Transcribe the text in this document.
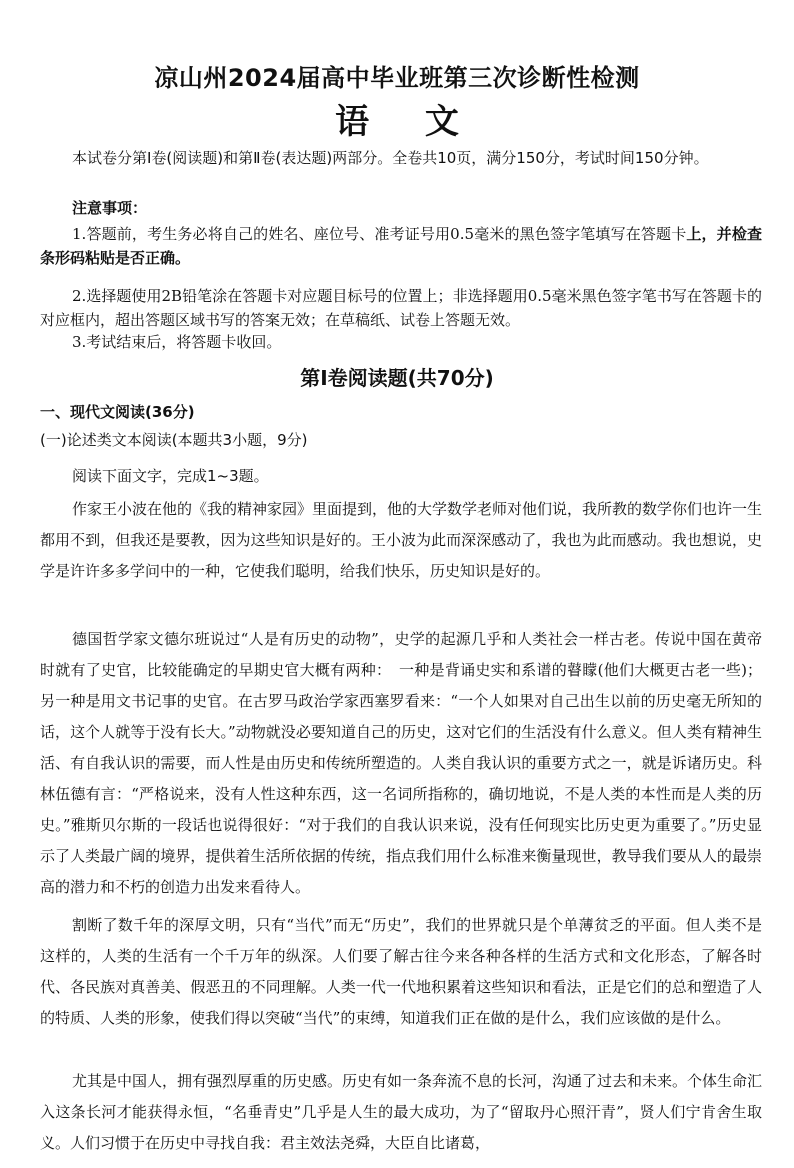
凉山州2024届高中毕业班第三次诊断性检测
语 文
本试卷分第Ⅰ卷(阅读题)和第Ⅱ卷(表达题)两部分。全卷共10页，满分150分，考试时间150分钟。
注意事项：
1.答题前，考生务必将自己的姓名、座位号、准考证号用0.5毫米的黑色签字笔填写在答题卡上，并检查条形码粘贴是否正确。
2.选择题使用2B铅笔涂在答题卡对应题目标号的位置上；非选择题用0.5毫米黑色签字笔书写在答题卡的对应框内，超出答题区域书写的答案无效；在草稿纸、试卷上答题无效。
3.考试结束后，将答题卡收回。
第Ⅰ卷阅读题(共70分)
一、现代文阅读(36分)
(一)论述类文本阅读(本题共3小题，9分)
阅读下面文字，完成1~3题。
作家王小波在他的《我的精神家园》里面提到，他的大学数学老师对他们说，我所教的数学你们也许一生都用不到，但我还是要教，因为这些知识是好的。王小波为此而深深感动了，我也为此而感动。我也想说，史学是许许多多学问中的一种，它使我们聪明，给我们快乐，历史知识是好的。
德国哲学家文德尔班说过“人是有历史的动物”，史学的起源几乎和人类社会一样古老。传说中国在黄帝时就有了史官，比较能确定的早期史官大概有两种：　一种是背诵史实和系谱的瞽矇(他们大概更古老一些)；另一种是用文书记事的史官。在古罗马政治学家西塞罗看来：“一个人如果对自己出生以前的历史毫无所知的话，这个人就等于没有长大。”动物就没必要知道自己的历史，这对它们的生活没有什么意义。但人类有精神生活、有自我认识的需要，而人性是由历史和传统所塑造的。人类自我认识的重要方式之一，就是诉诸历史。科林伍德有言：“严格说来，没有人性这种东西，这一名词所指称的，确切地说，不是人类的本性而是人类的历史。”雅斯贝尔斯的一段话也说得很好：“对于我们的自我认识来说，没有任何现实比历史更为重要了。”历史显示了人类最广阔的境界，提供着生活所依据的传统，指点我们用什么标准来衡量现世，教导我们要从人的最崇高的潜力和不朽的创造力出发来看待人。
割断了数千年的深厚文明，只有“当代”而无“历史”，我们的世界就只是个单薄贫乏的平面。但人类不是这样的，人类的生活有一个千万年的纵深。人们要了解古往今来各种各样的生活方式和文化形态，了解各时代、各民族对真善美、假恶丑的不同理解。人类一代一代地积累着这些知识和看法，正是它们的总和塑造了人的特质、人类的形象，使我们得以突破“当代”的束缚，知道我们正在做的是什么，我们应该做的是什么。
尤其是中国人，拥有强烈厚重的历史感。历史有如一条奔流不息的长河，沟通了过去和未来。个体生命汇入这条长河才能获得永恒，“名垂青史”几乎是人生的最大成功，为了“留取丹心照汗青”，贤人们宁肯舍生取义。人们习惯于在历史中寻找自我：君主效法尧舜，大臣自比诸葛，
